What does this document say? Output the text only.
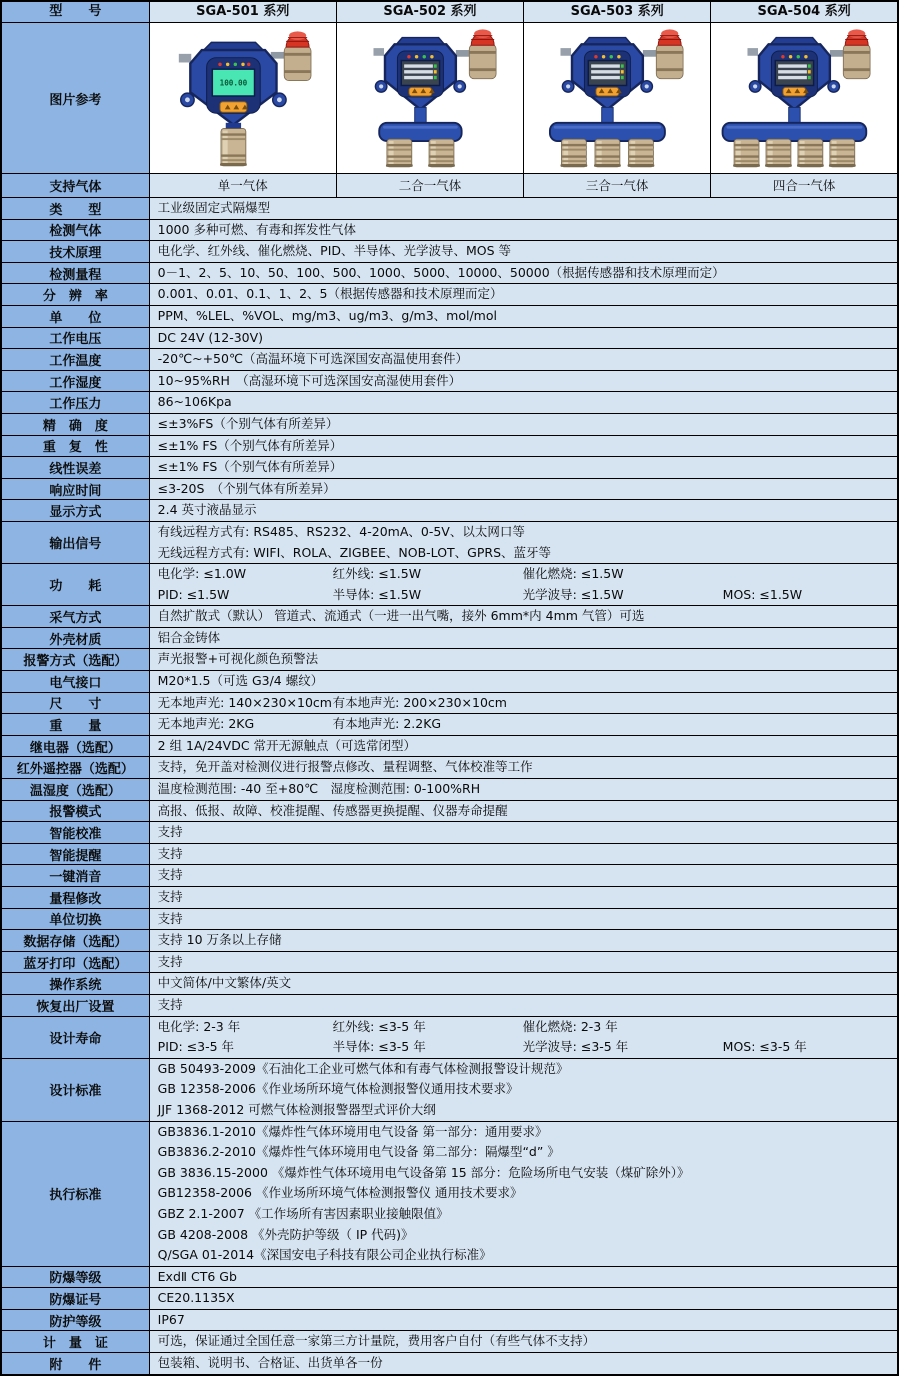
型　　号	SGA-501 系列	SGA-502 系列	SGA-503 系列	SGA-504 系列
图片参考	100.00

支持气体	单一气体	二合一气体	三合一气体	四合一气体
类　　型	工业级固定式隔爆型			

检测气体	1000 多种可燃、有毒和挥发性气体			

技术原理	电化学、红外线、催化燃烧、PID、半导体、光学波导、MOS 等			

检测量程	0－1、2、5、10、50、100、500、1000、5000、10000、50000（根据传感器和技术原理而定）			

分　辨　率	0.001、0.01、0.1、1、2、5（根据传感器和技术原理而定）			

单　　位	PPM、%LEL、%VOL、mg/m3、ug/m3、g/m3、mol/mol			

工作电压	DC 24V (12-30V)			

工作温度	-20℃~+50℃（高温环境下可选深国安高温使用套件）			

工作湿度	10~95%RH　（高湿环境下可选深国安高湿使用套件）			

工作压力	86~106Kpa			

精　确　度	≤±3%FS（个别气体有所差异）			

重　复　性	≤±1% FS（个别气体有所差异）			

线性误差	≤±1% FS（个别气体有所差异）			

响应时间	≤3-20S　（个别气体有所差异）			

显示方式	2.4 英寸液晶显示			

输出信号	有线远程方式有: RS485、RS232、4-20mA、0-5V、以太网口等
无线远程方式有: WIFI、ROLA、ZIGBEE、NOB-LOT、GPRS、蓝牙等			

功　　耗	电化学: ≤1.0W 红外线: ≤1.5W 催化燃烧: ≤1.5W
PID: ≤1.5W 半导体: ≤1.5W 光学波导: ≤1.5W MOS: ≤1.5W			

采气方式	自然扩散式（默认） 管道式、流通式（一进一出气嘴，接外 6mm*内 4mm 气管）可选			

外壳材质	铝合金铸体			

报警方式（选配）	声光报警+可视化颜色预警法			

电气接口	M20*1.5（可选 G3/4 螺纹）			

尺　　寸	无本地声光: 140×230×10cm有本地声光: 200×230×10cm			

重　　量	无本地声光: 2KG 有本地声光: 2.2KG			

继电器（选配）	2 组 1A/24VDC 常开无源触点（可选常闭型）			

红外遥控器（选配）	支持，免开盖对检测仪进行报警点修改、量程调整、气体校准等工作			

温湿度（选配）	温度检测范围: -40 至+80℃　湿度检测范围: 0-100%RH			

报警模式	高报、低报、故障、校准提醒、传感器更换提醒、仪器寿命提醒			

智能校准	支持			

智能提醒	支持			

一键消音	支持			

量程修改	支持			

单位切换	支持			

数据存储（选配）	支持 10 万条以上存储			

蓝牙打印（选配）	支持			

操作系统	中文简体/中文繁体/英文			

恢复出厂设置	支持			

设计寿命	电化学: 2-3 年 红外线: ≤3-5 年 催化燃烧: 2-3 年
PID: ≤3-5 年 半导体: ≤3-5 年 光学波导: ≤3-5 年 MOS: ≤3-5 年			

设计标准	GB 50493-2009《石油化工企业可燃气体和有毒气体检测报警设计规范》
GB 12358-2006《作业场所环境气体检测报警仪通用技术要求》
JJF 1368-2012 可燃气体检测报警器型式评价大纲			

执行标准	
GB3836.1-2010《爆炸性气体环境用电气设备 第一部分：通用要求》
GB3836.2-2010《爆炸性气体环境用电气设备 第二部分：隔爆型“d” 》
GB 3836.15-2000 《爆炸性气体环境用电气设备第 15 部分：危险场所电气安装（煤矿除外）》
GB12358-2006 《作业场所环境气体检测报警仪 通用技术要求》
GBZ 2.1-2007 《工作场所有害因素职业接触限值》
GB 4208-2008 《外壳防护等级（ IP 代码)》
Q/SGA 01-2014《深国安电子科技有限公司企业执行标准》

防爆等级	ExdⅡ CT6 Gb			

防爆证号	CE20.1135X			

防护等级	IP67			

计　量　证	可选，保证通过全国任意一家第三方计量院，费用客户自付（有些气体不支持）			

附　　件	包装箱、说明书、合格证、出货单各一份			
